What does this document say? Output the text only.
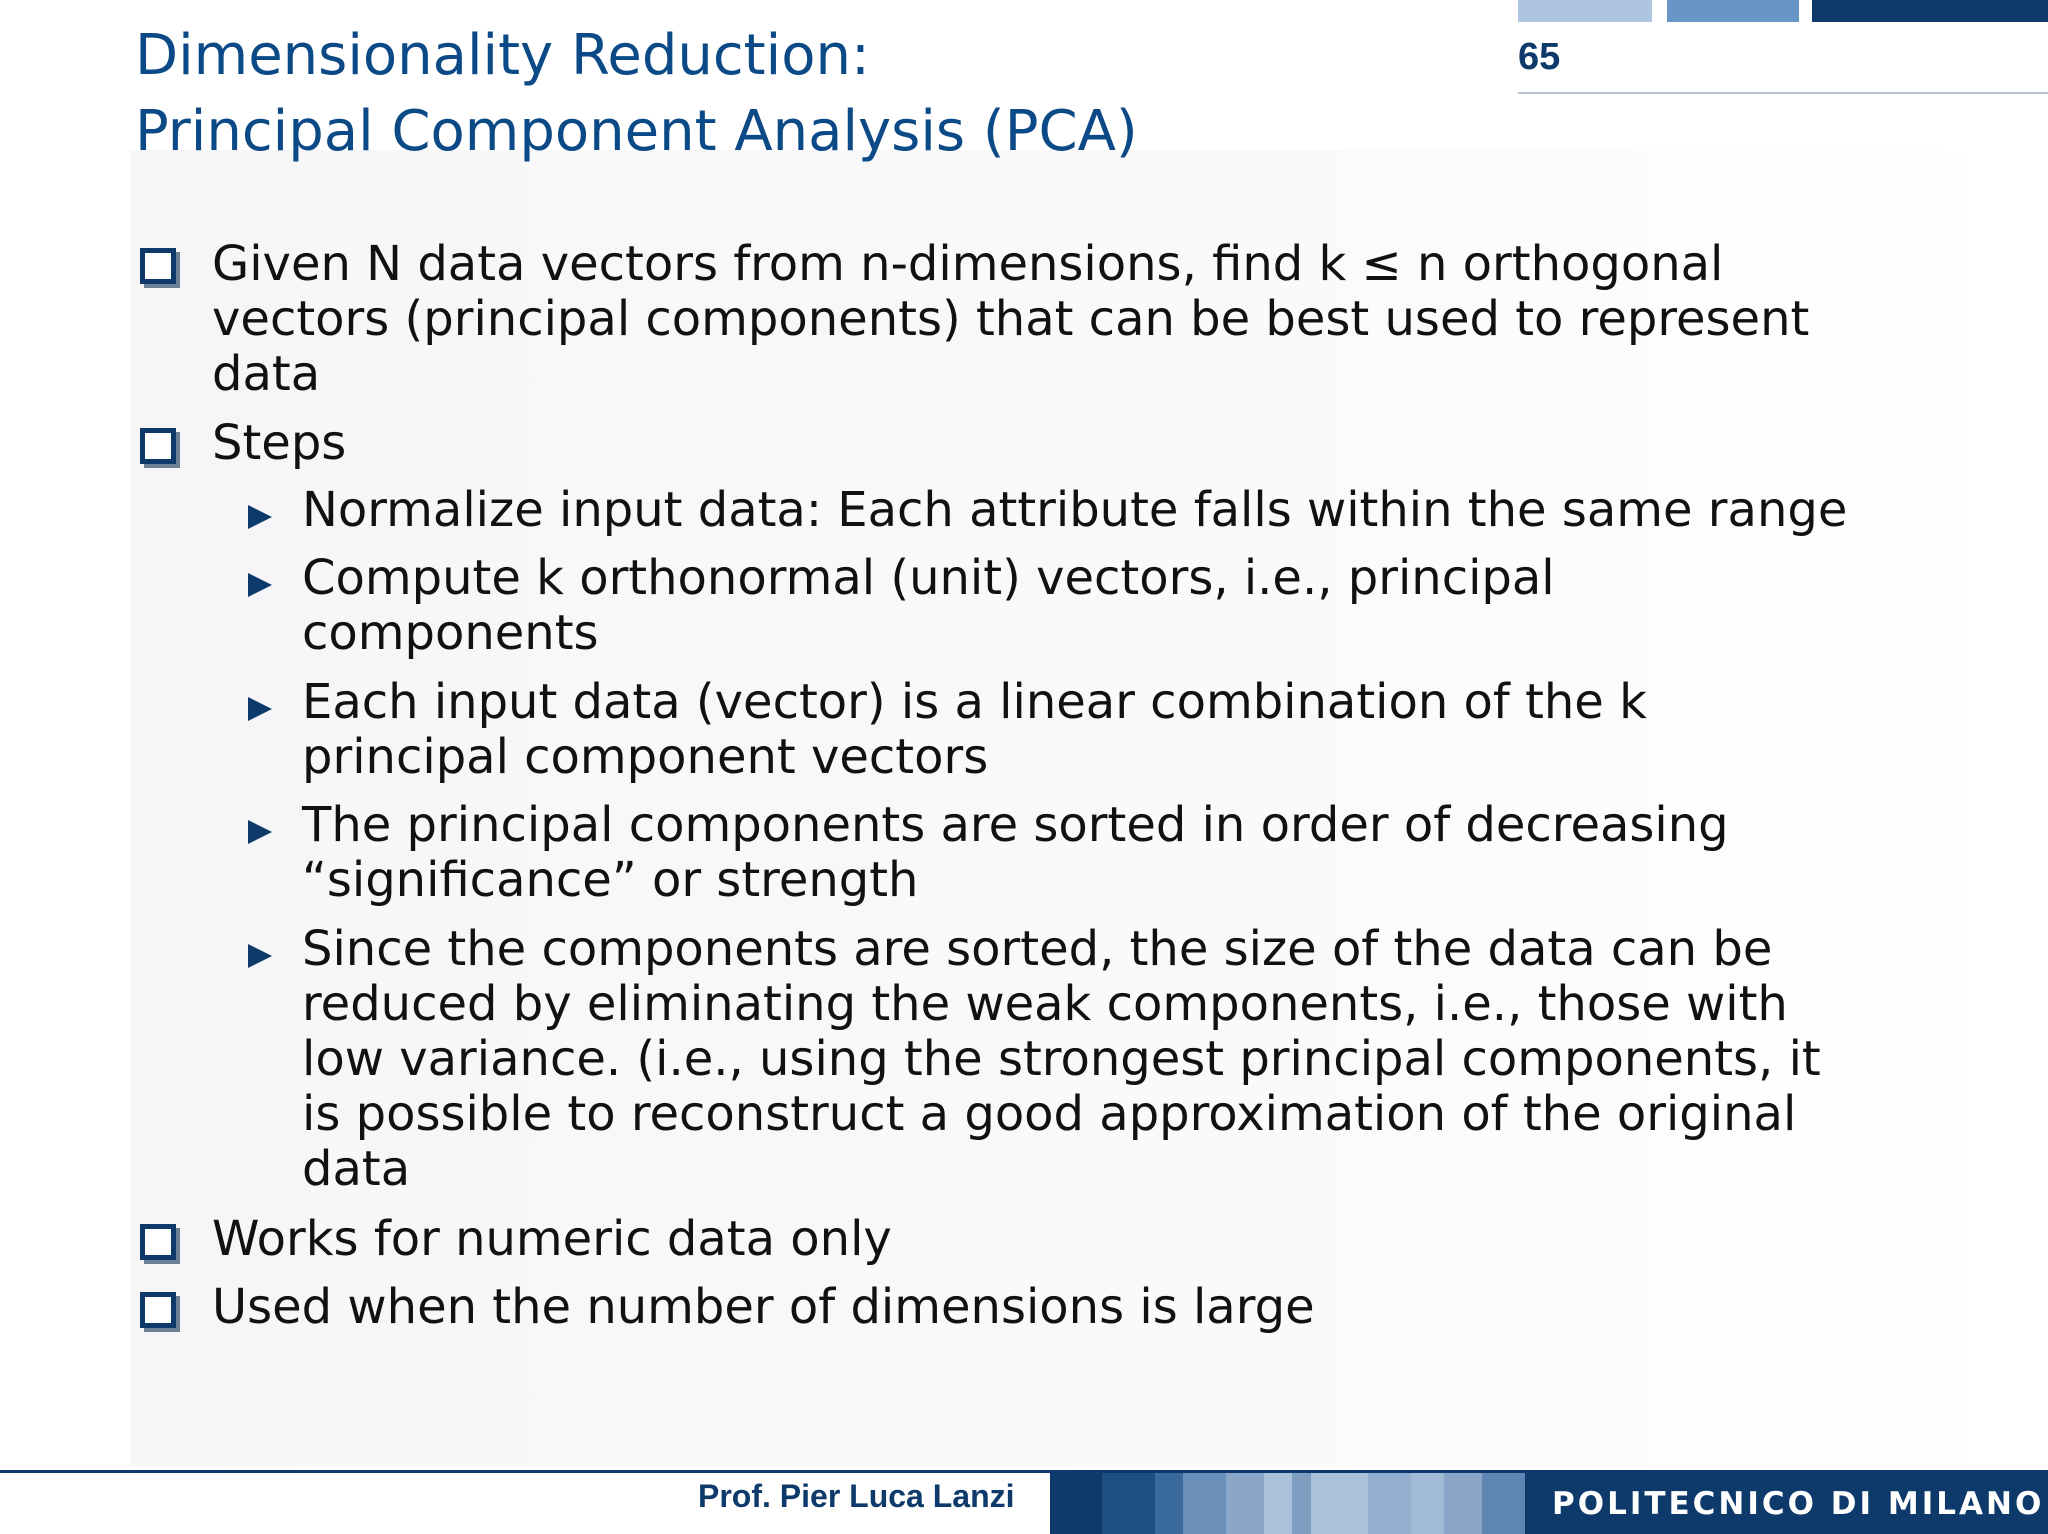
65
Dimensionality Reduction:
Principal Component Analysis (PCA)
Given N data vectors from n-dimensions, find k ≤ n orthogonal
vectors (principal components) that can be best used to represent
data
Steps
Normalize input data: Each attribute falls within the same range
Compute k orthonormal (unit) vectors, i.e., principal
components
Each input data (vector) is a linear combination of the k
principal component vectors
The principal components are sorted in order of decreasing
“significance” or strength
Since the components are sorted, the size of the data can be
reduced by eliminating the weak components, i.e., those with
low variance. (i.e., using the strongest principal components, it
is possible to reconstruct a good approximation of the original
data
Works for numeric data only
Used when the number of dimensions is large
Prof. Pier Luca Lanzi	POLITECNICO DI MILANO
